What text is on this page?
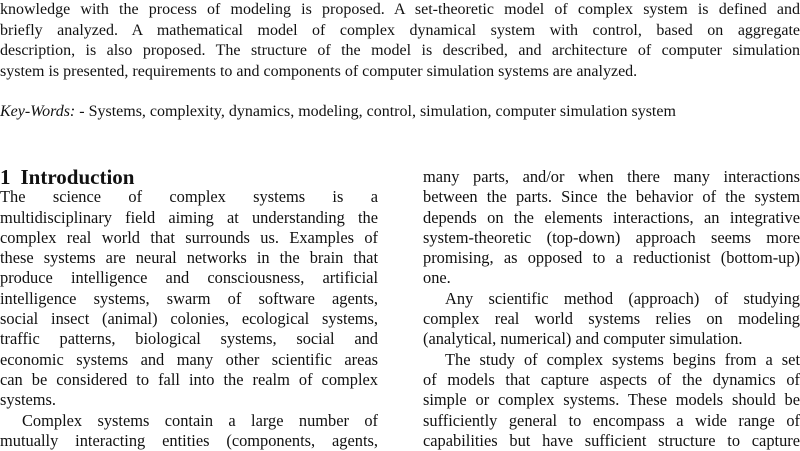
knowledge with the process of modeling is proposed. A set-theoretic model of complex system is defined and
briefly analyzed. A mathematical model of complex dynamical system with control, based on aggregate
description, is also proposed. The structure of the model is described, and architecture of computer simulation
system is presented, requirements to and components of computer simulation systems are analyzed.
Key-Words: - Systems, complexity, dynamics, modeling, control, simulation, computer simulation system
1 Introduction
The science of complex systems is a
multidisciplinary field aiming at understanding the
complex real world that surrounds us. Examples of
these systems are neural networks in the brain that
produce intelligence and consciousness, artificial
intelligence systems, swarm of software agents,
social insect (animal) colonies, ecological systems,
traffic patterns, biological systems, social and
economic systems and many other scientific areas
can be considered to fall into the realm of complex
systems.
Complex systems contain a large number of
mutually interacting entities (components, agents,
many parts, and/or when there many interactions
between the parts. Since the behavior of the system
depends on the elements interactions, an integrative
system-theoretic (top-down) approach seems more
promising, as opposed to a reductionist (bottom-up)
one.
Any scientific method (approach) of studying
complex real world systems relies on modeling
(analytical, numerical) and computer simulation.
The study of complex systems begins from a set
of models that capture aspects of the dynamics of
simple or complex systems. These models should be
sufficiently general to encompass a wide range of
capabilities but have sufficient structure to capture
